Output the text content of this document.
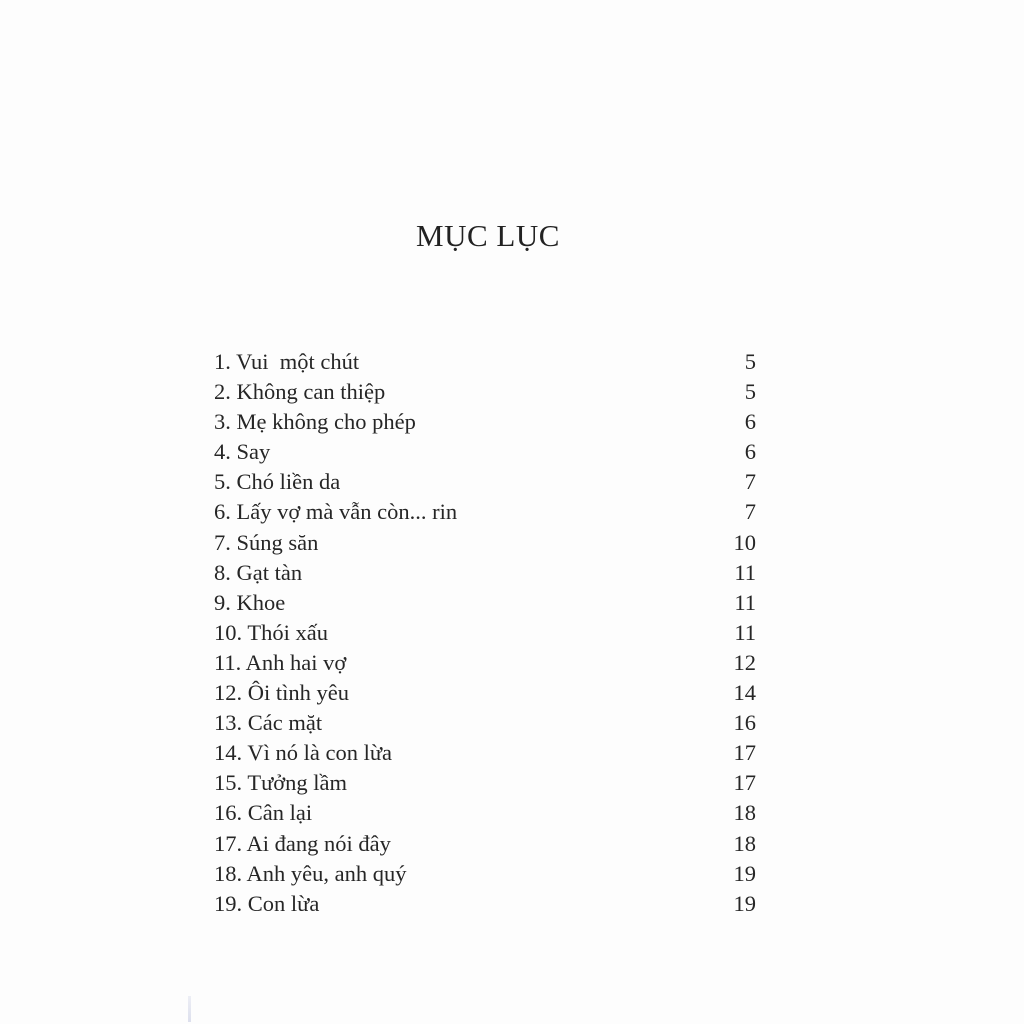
MỤC LỤC
1. Vui  một chút	5
2. Không can thiệp	5
3. Mẹ không cho phép	6
4. Say	6
5. Chó liền da	7
6. Lấy vợ mà vẫn còn... rin	7
7. Súng săn	10
8. Gạt tàn	11
9. Khoe	11
10. Thói xấu	11
11. Anh hai vợ	12
12. Ôi tình yêu	14
13. Các mặt	16
14. Vì nó là con lừa	17
15. Tưởng lầm	17
16. Cân lại	18
17. Ai đang nói đây	18
18. Anh yêu, anh quý	19
19. Con lừa	19
